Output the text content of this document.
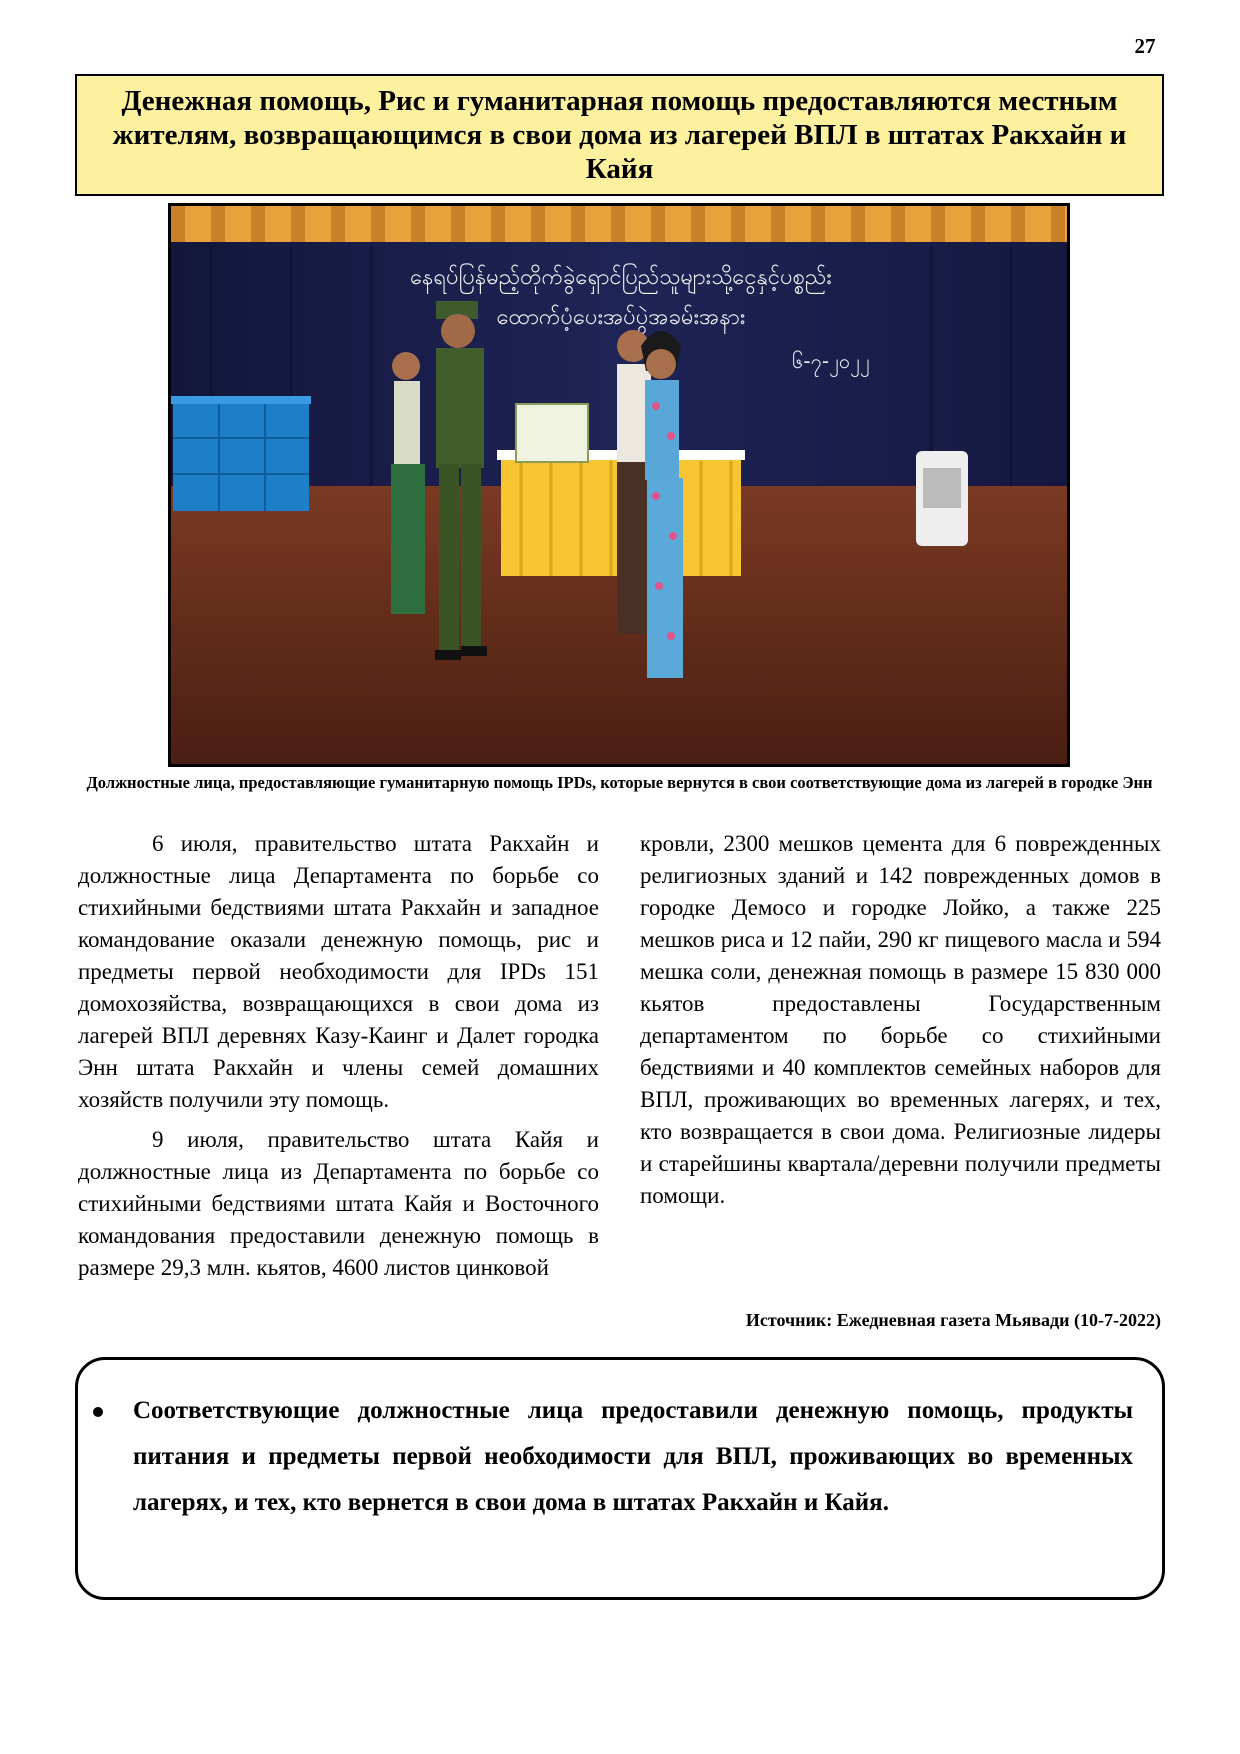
27
Денежная помощь, Рис и гуманитарная помощь предоставляются местным жителям, возвращающимся в свои дома из лагерей ВПЛ в штатах Ракхайн и Кайя
နေရပ်ပြန်မည့်တိုက်ခွဲရှောင်ပြည်သူများသို့ငွေနှင့်ပစ္စည်း
ထောက်ပံ့ပေးအပ်ပွဲအခမ်းအနား
၆-၇-၂၀၂၂
Должностные лица, предоставляющие гуманитарную помощь IPDs, которые вернутся в свои соответствующие дома из лагерей в городке Энн

6 июля, правительство штата Ракхайн и должностные лица Департамента по борьбе со стихийными бедствиями штата Ракхайн и западное командование оказали денежную помощь, рис и предметы первой необходимости для IPDs 151 домохозяйства, возвращающихся в свои дома из лагерей ВПЛ деревнях Казу-Каинг и Далет городка Энн штата Ракхайн и члены семей домашних хозяйств получили эту помощь.

9 июля, правительство штата Кайя и должностные лица из Департамента по борьбе со стихийными бедствиями штата Кайя и Восточного командования предоставили денежную помощь в размере 29,3 млн. кьятов, 4600 листов цинковой

кровли, 2300 мешков цемента для 6 поврежденных религиозных зданий и 142 поврежденных домов в городке Демосо и городке Лойко, а также 225 мешков риса и 12 пайи, 290 кг пищевого масла и 594 мешка соли, денежная помощь в размере 15 830 000 кьятов предоставлены Государственным департаментом по борьбе со стихийными бедствиями и 40 комплектов семейных наборов для ВПЛ, проживающих во временных лагерях, и тех, кто возвращается в свои дома. Религиозные лидеры и старейшины квартала/деревни получили предметы помощи.

Источник: Ежедневная газета Мьявади (10-7-2022)
Соответствующие должностные лица предоставили денежную помощь, продукты питания и предметы первой необходимости для ВПЛ, проживающих во временных лагерях, и тех, кто вернется в свои дома в штатах Ракхайн и Кайя.
